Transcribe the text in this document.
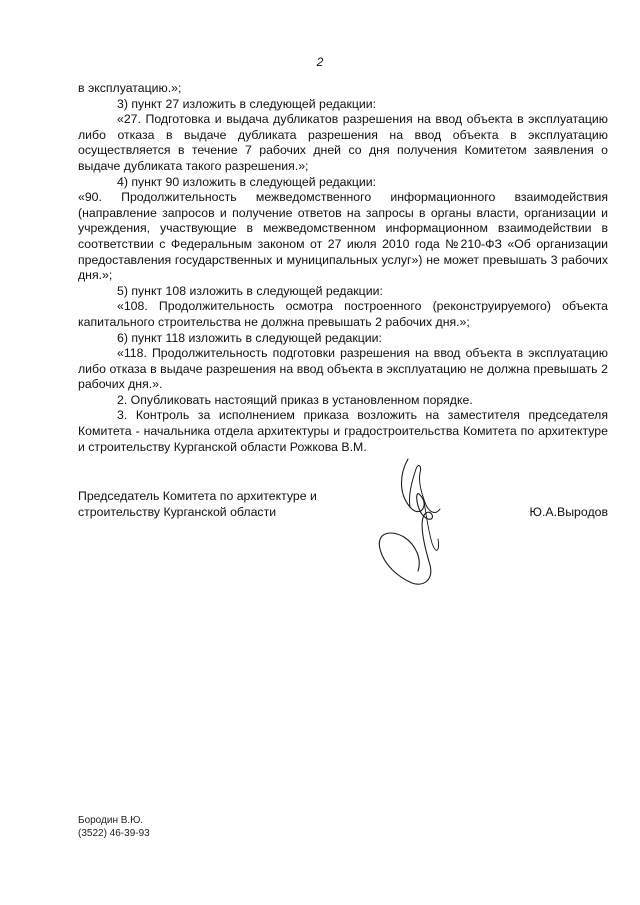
2

в эксплуатацию.»;

3) пункт 27 изложить в следующей редакции:

«27. Подготовка и выдача дубликатов разрешения на ввод объекта в эксплуатацию либо отказа в выдаче дубликата разрешения на ввод объекта в эксплуатацию осуществляется в течение 7 рабочих дней со дня получения Комитетом заявления о выдаче дубликата такого разрешения.»;

4) пункт 90 изложить в следующей редакции:

«90. Продолжительность межведомственного информационного взаимодействия (направление запросов и получение ответов на запросы в органы власти, организации и учреждения, участвующие в межведомственном информационном взаимодействии в соответствии с Федеральным законом от 27 июля 2010 года №210-ФЗ «Об организации предоставления государственных и муниципальных услуг») не может превышать 3 рабочих дня.»;

5) пункт 108 изложить в следующей редакции:

«108. Продолжительность осмотра построенного (реконструируемого) объекта капитального строительства не должна превышать 2 рабочих дня.»;

6) пункт 118 изложить в следующей редакции:

«118. Продолжительность подготовки разрешения на ввод объекта в эксплуатацию либо отказа в выдаче разрешения на ввод объекта в эксплуатацию не должна превышать 2 рабочих дня.».

2. Опубликовать настоящий приказ в установленном порядке.

3. Контроль за исполнением приказа возложить на заместителя председателя Комитета - начальника отдела архитектуры и градостроительства Комитета по архитектуре и строительству Курганской области Рожкова В.М.

Председатель Комитета по архитектуре и
строительству Курганской области	Ю.А.Выродов
Бородин В.Ю.
(3522) 46-39-93
